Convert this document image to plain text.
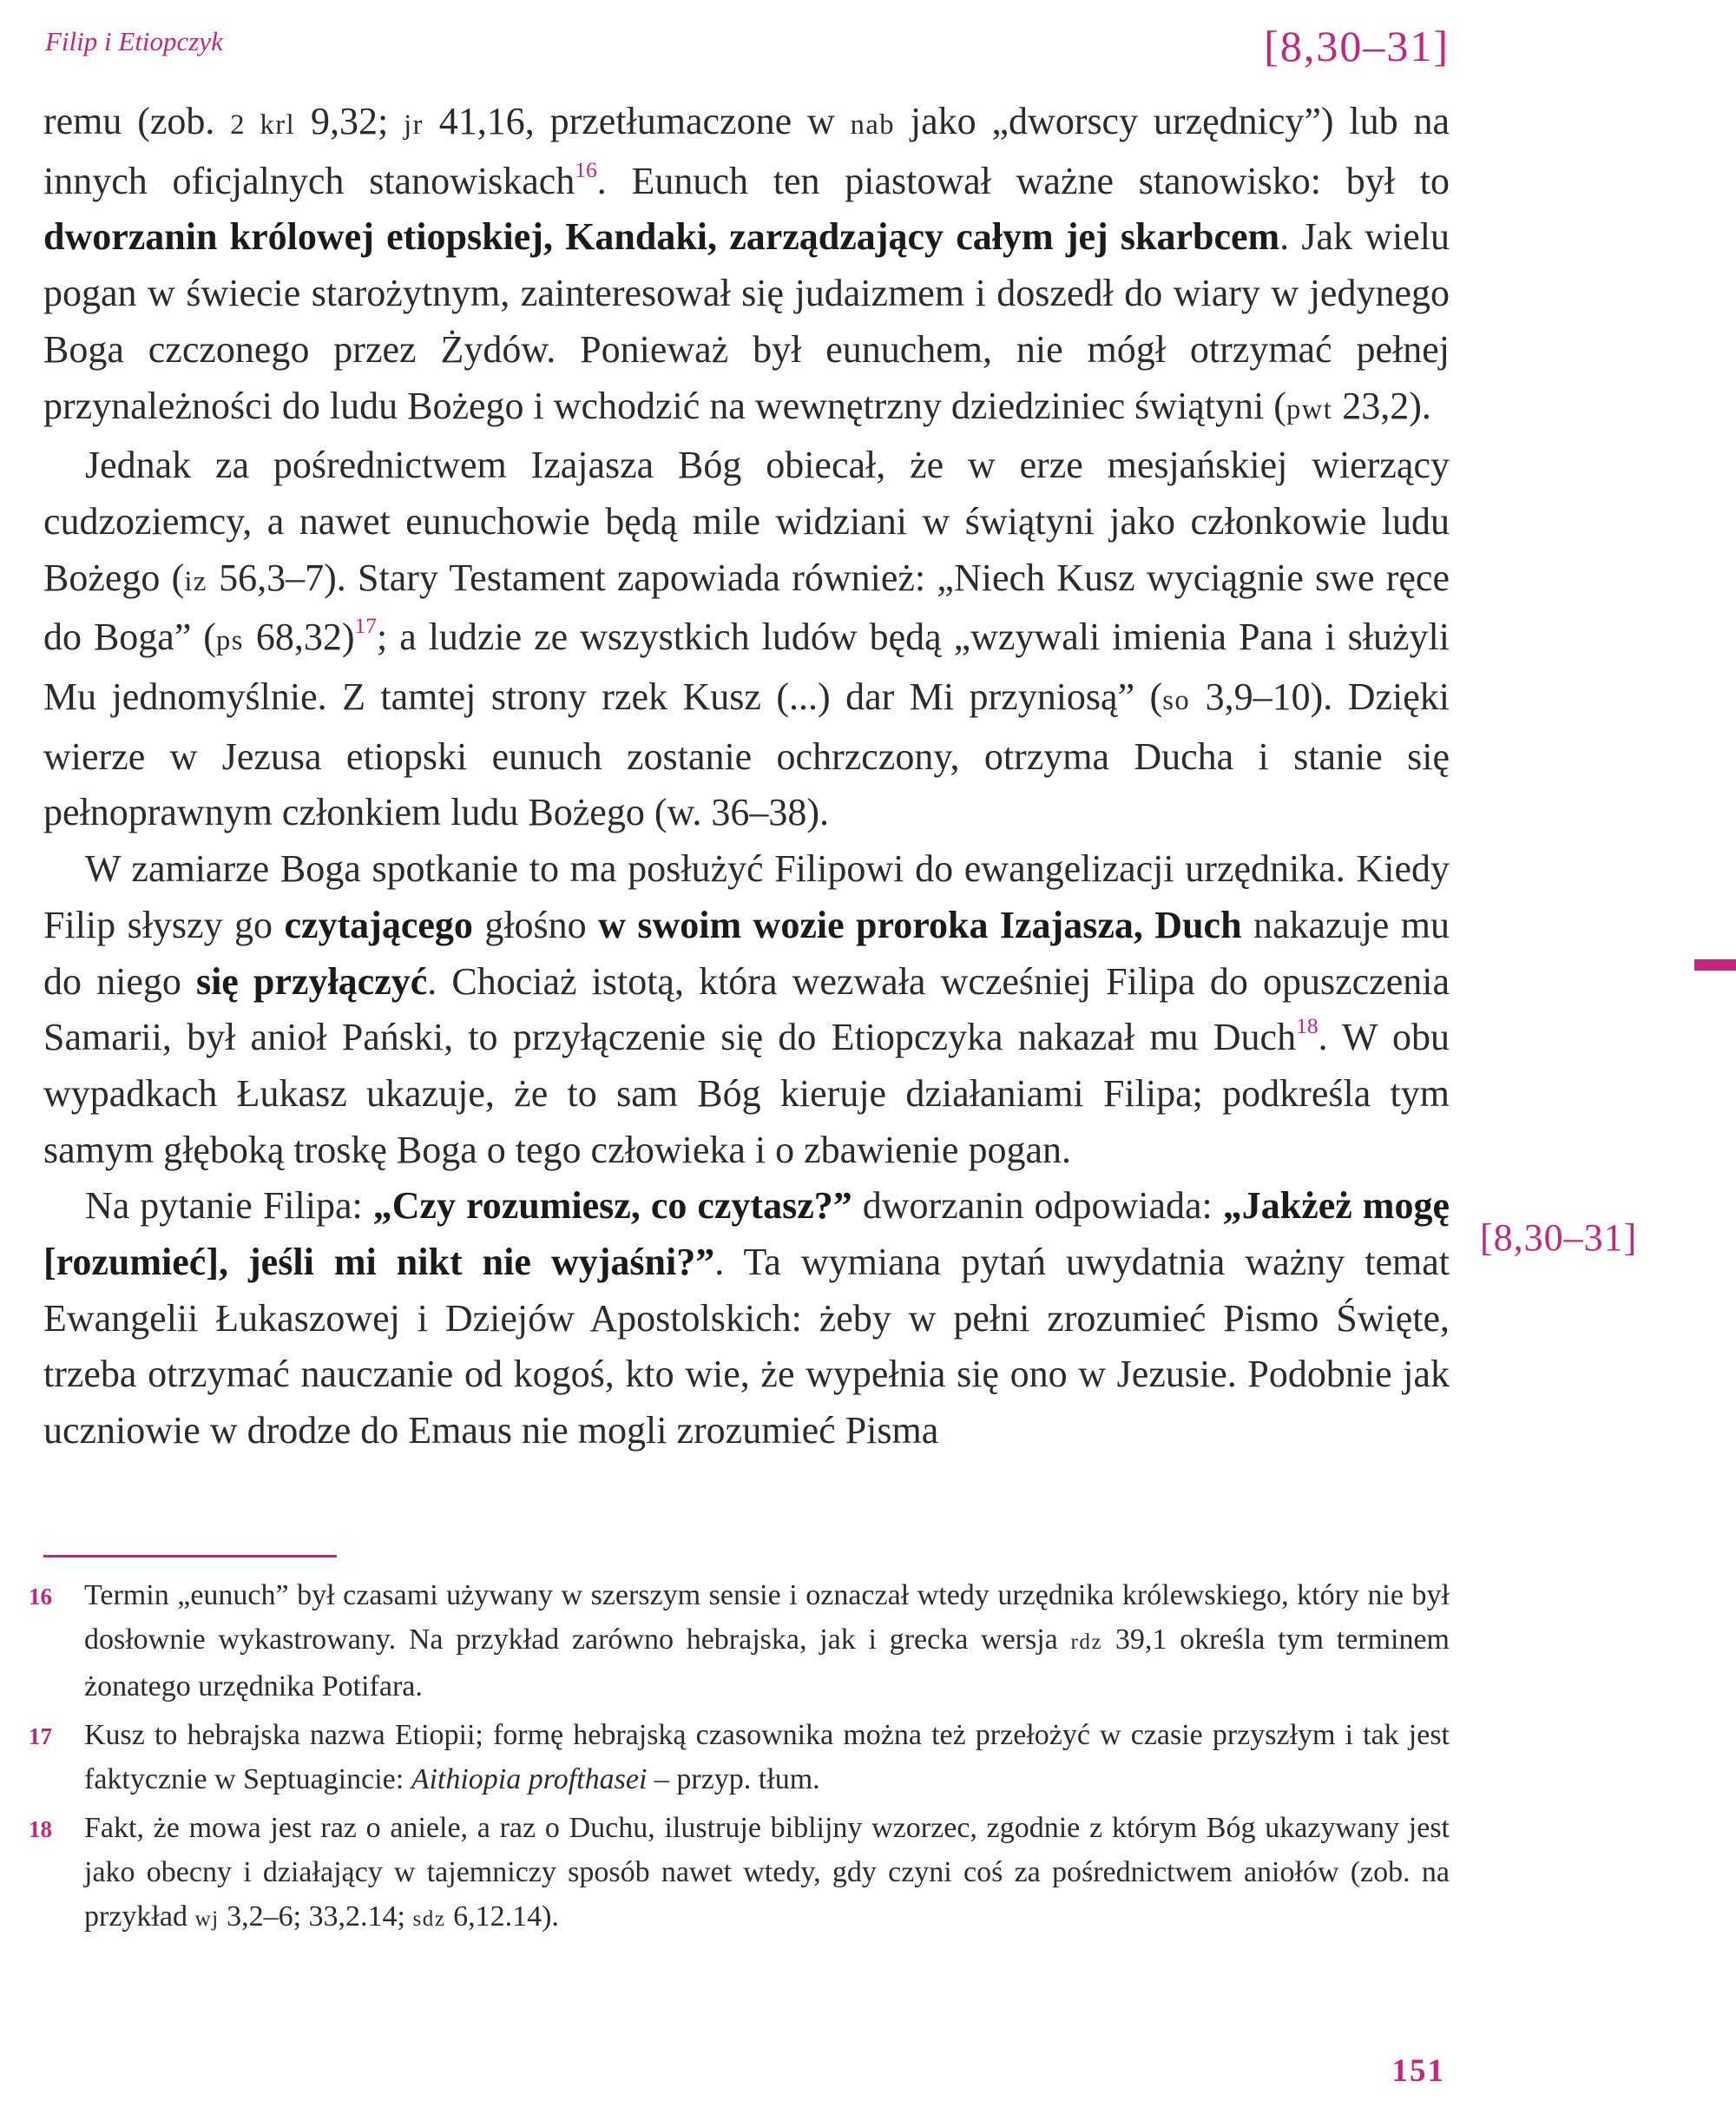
Filip i Etiopczyk	[8,30–31]
[8,30–31]

remu (zob. 2 krl 9,32; jr 41,16, przetłumaczone w nab jako „dworscy urzędnicy”) lub na innych oficjalnych stanowiskach$^{16}$. Eunuch ten piastował ważne stanowisko: był to dworzanin królowej etiopskiej, Kandaki, zarządzający całym jej skarbcem. Jak wielu pogan w świecie starożytnym, zainteresował się judaizmem i doszedł do wiary w jedynego Boga czczonego przez Żydów. Ponieważ był eunuchem, nie mógł otrzymać pełnej przynależności do ludu Bożego i wchodzić na wewnętrzny dziedziniec świątyni (pwt 23,2).

Jednak za pośrednictwem Izajasza Bóg obiecał, że w erze mesjańskiej wierzący cudzoziemcy, a nawet eunuchowie będą mile widziani w świątyni jako członkowie ludu Bożego (iz 56,3–7). Stary Testament zapowiada również: „Niech Kusz wyciągnie swe ręce do Boga” (ps 68,32)$^{17}$; a ludzie ze wszystkich ludów będą „wzywali imienia Pana i służyli Mu jednomyślnie. Z tamtej strony rzek Kusz (...) dar Mi przyniosą” (so 3,9–10). Dzięki wierze w Jezusa etiopski eunuch zostanie ochrzczony, otrzyma Ducha i stanie się pełnoprawnym członkiem ludu Bożego (w. 36–38).

W zamiarze Boga spotkanie to ma posłużyć Filipowi do ewangelizacji urzędnika. Kiedy Filip słyszy go czytającego głośno w swoim wozie proroka Izajasza, Duch nakazuje mu do niego się przyłączyć. Chociaż istotą, która wezwała wcześniej Filipa do opuszczenia Samarii, był anioł Pański, to przyłączenie się do Etiopczyka nakazał mu Duch$^{18}$. W obu wypadkach Łukasz ukazuje, że to sam Bóg kieruje działaniami Filipa; podkreśla tym samym głęboką troskę Boga o tego człowieka i o zbawienie pogan.

Na pytanie Filipa: „Czy rozumiesz, co czytasz?” dworzanin odpowiada: „Jakżeż mogę [rozumieć], jeśli mi nikt nie wyjaśni?”. Ta wymiana pytań uwydatnia ważny temat Ewangelii Łukaszowej i Dziejów Apostolskich: żeby w pełni zrozumieć Pismo Święte, trzeba otrzymać nauczanie od kogoś, kto wie, że wypełnia się ono w Jezusie. Podobnie jak uczniowie w drodze do Emaus nie mogli zrozumieć Pisma

16 Termin „eunuch” był czasami używany w szerszym sensie i oznaczał wtedy urzędnika królewskiego, który nie był dosłownie wykastrowany. Na przykład zarówno hebrajska, jak i grecka wersja rdz 39,1 określa tym terminem żonatego urzędnika Potifara.

17 Kusz to hebrajska nazwa Etiopii; formę hebrajską czasownika można też przełożyć w czasie przyszłym i tak jest faktycznie w Septuagincie: Aithiopia profthasei – przyp. tłum.

18 Fakt, że mowa jest raz o aniele, a raz o Duchu, ilustruje biblijny wzorzec, zgodnie z którym Bóg ukazywany jest jako obecny i działający w tajemniczy sposób nawet wtedy, gdy czyni coś za pośrednictwem aniołów (zob. na przykład wj 3,2–6; 33,2.14; sdz 6,12.14).

151
